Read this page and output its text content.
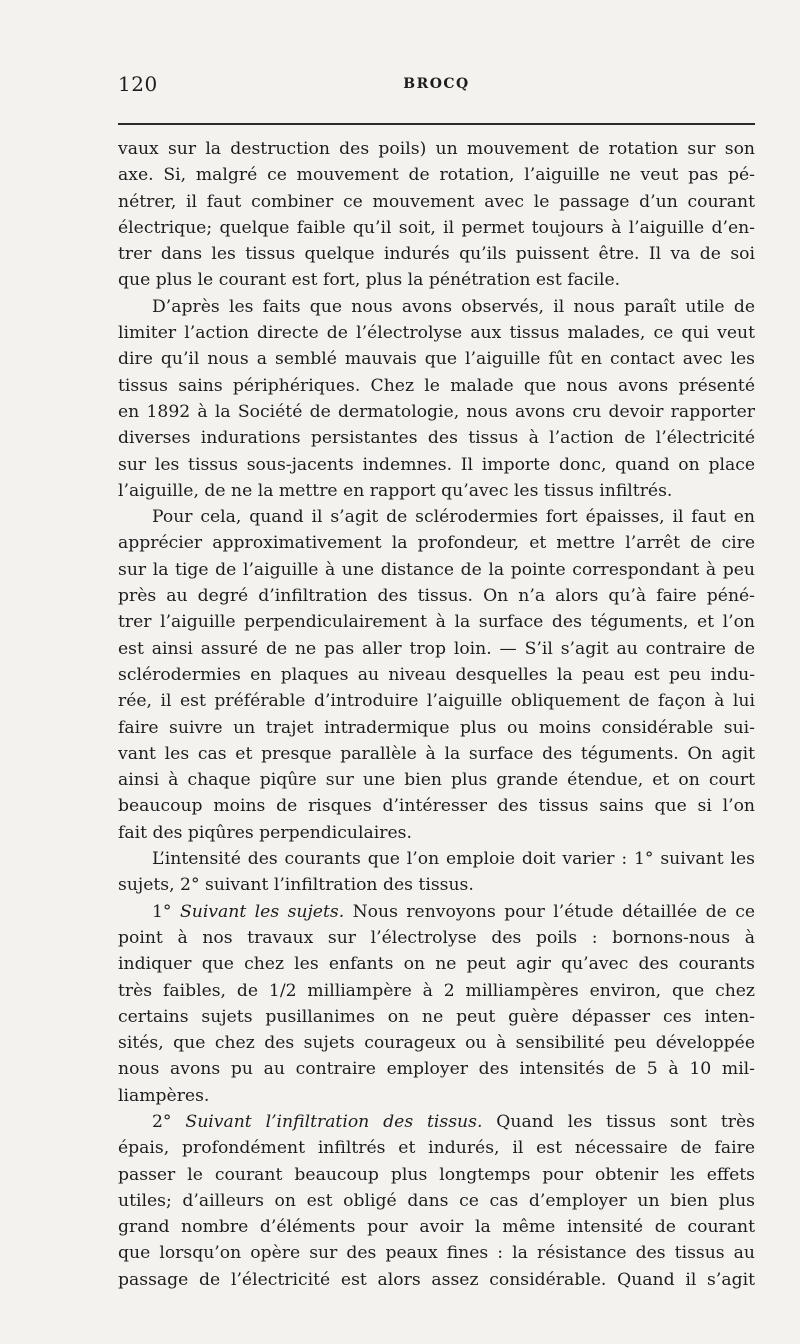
120	BROCQ
vaux sur la destruction des poils) un mouvement de rotation sur son
axe. Si, malgré ce mouvement de rotation, l’aiguille ne veut pas pé-
nétrer, il faut combiner ce mouvement avec le passage d’un courant
électrique; quelque faible qu’il soit, il permet toujours à l’aiguille d’en-
trer dans les tissus quelque indurés qu’ils puissent être. Il va de soi
que plus le courant est fort, plus la pénétration est facile.
D’après les faits que nous avons observés, il nous paraît utile de
limiter l’action directe de l’électrolyse aux tissus malades, ce qui veut
dire qu’il nous a semblé mauvais que l’aiguille fût en contact avec les
tissus sains périphériques. Chez le malade que nous avons présenté
en 1892 à la Société de dermatologie, nous avons cru devoir rapporter
diverses indurations persistantes des tissus à l’action de l’électricité
sur les tissus sous-jacents indemnes. Il importe donc, quand on place
l’aiguille, de ne la mettre en rapport qu’avec les tissus infiltrés.
Pour cela, quand il s’agit de sclérodermies fort épaisses, il faut en
apprécier approximativement la profondeur, et mettre l’arrêt de cire
sur la tige de l’aiguille à une distance de la pointe correspondant à peu
près au degré d’infiltration des tissus. On n’a alors qu’à faire péné-
trer l’aiguille perpendiculairement à la surface des téguments, et l’on
est ainsi assuré de ne pas aller trop loin. — S’il s’agit au contraire de
sclérodermies en plaques au niveau desquelles la peau est peu indu-
rée, il est préférable d’introduire l’aiguille obliquement de façon à lui
faire suivre un trajet intradermique plus ou moins considérable sui-
vant les cas et presque parallèle à la surface des téguments. On agit
ainsi à chaque piqûre sur une bien plus grande étendue, et on court
beaucoup moins de risques d’intéresser des tissus sains que si l’on
fait des piqûres perpendiculaires.
L’intensité des courants que l’on emploie doit varier : 1° suivant les
sujets, 2° suivant l’infiltration des tissus.
1° Suivant les sujets. Nous renvoyons pour l’étude détaillée de ce
point à nos travaux sur l’électrolyse des poils : bornons-nous à
indiquer que chez les enfants on ne peut agir qu’avec des courants
très faibles, de 1/2 milliampère à 2 milliampères environ, que chez
certains sujets pusillanimes on ne peut guère dépasser ces inten-
sités, que chez des sujets courageux ou à sensibilité peu développée
nous avons pu au contraire employer des intensités de 5 à 10 mil-
liampères.
2° Suivant l’infiltration des tissus. Quand les tissus sont très
épais, profondément infiltrés et indurés, il est nécessaire de faire
passer le courant beaucoup plus longtemps pour obtenir les effets
utiles; d’ailleurs on est obligé dans ce cas d’employer un bien plus
grand nombre d’éléments pour avoir la même intensité de courant
que lorsqu’on opère sur des peaux fines : la résistance des tissus au
passage de l’électricité est alors assez considérable. Quand il s’agit
